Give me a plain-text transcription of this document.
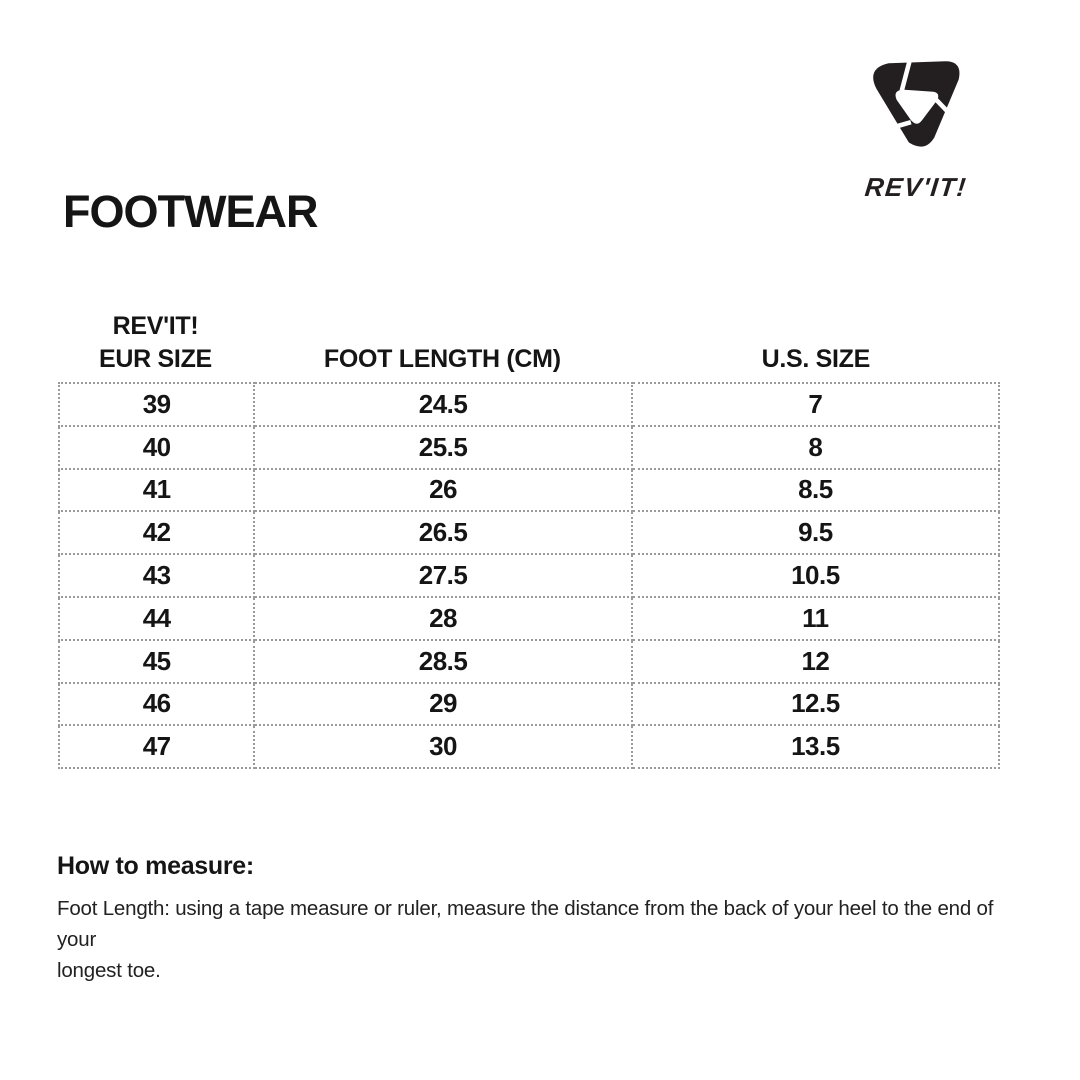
REV'IT!
FOOTWEAR
REV'IT!
EUR SIZE	FOOT LENGTH (CM)	U.S. SIZE
39	24.5	7
40	25.5	8
41	26	8.5
42	26.5	9.5
43	27.5	10.5
44	28	11
45	28.5	12
46	29	12.5
47	30	13.5
How to measure:

Foot Length: using a tape measure or ruler, measure the distance from the back of your heel to the end of your
longest toe.
